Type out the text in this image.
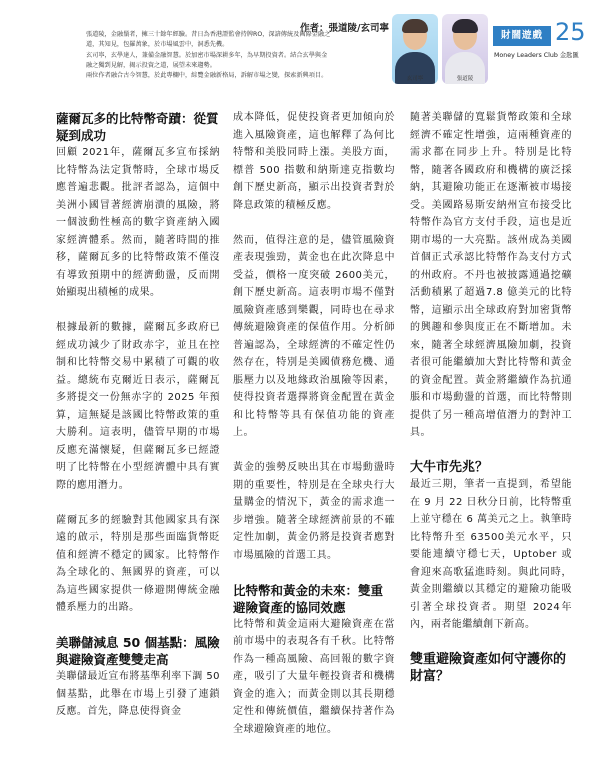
作者：張道陵/玄司寧

張道陵，金融鬚者，擁三十餘年經驗。昔日為香港證監會持牌RO，深諳傳統及國際金融之

道，其知見，包羅萬象，於市場風雲中，洞悉先機。

玄司寧，玄學達人，兼備金融智慧。於加密市場深耕多年，為早期投資者。結合玄學與金

融之獨到見解，揭示投資之道，展望未來趨勢。

兩位作者融合古今智慧，於此專欄中，綜覽金融新格局，訴解市場之變，探索新興項目。	玄司寧	張道陵
財闊遊戲 25
Money Leaders Club 金匙匯
薩爾瓦多的比特幣奇蹟：從質疑到成功

回顧 2021年，薩爾瓦多宣布採納比特幣為法定貨幣時，全球市場反應普遍悲觀。批評者認為，這個中美洲小國冒著經濟崩潰的風險，將一個波動性極高的數字資產納入國家經濟體系。然而，隨著時間的推移，薩爾瓦多的比特幣政策不僅沒有導致預期中的經濟動盪，反而開始顯現出積極的成果。

根據最新的數據，薩爾瓦多政府已經成功減少了財政赤字，並且在控制和比特幣交易中累積了可觀的收益。總統布克爾近日表示，薩爾瓦多將提交一份無赤字的 2025 年預算，這無疑是該國比特幣政策的重大勝利。這表明，儘管早期的市場反應充滿懷疑，但薩爾瓦多已經證明了比特幣在小型經濟體中具有實際的應用潛力。

薩爾瓦多的經驗對其他國家具有深遠的啟示，特別是那些面臨貨幣貶值和經濟不穩定的國家。比特幣作為全球化的、無國界的資產，可以為這些國家提供一條避開傳統金融體系壓力的出路。

美聯儲減息 50 個基點：風險與避險資產雙雙走高

美聯儲最近宣布將基準利率下調 50個基點，此舉在市場上引發了連鎖反應。首先，降息使得資金

成本降低，促使投資者更加傾向於進入風險資產，這也解釋了為何比特幣和美股同時上漲。美股方面，標普 500 指數和納斯達克指數均創下歷史新高，顯示出投資者對於降息政策的積極反應。

然而，值得注意的是，儘管風險資產表現強勁，黃金也在此次降息中受益，價格一度突破 2600美元，創下歷史新高。這表明市場不僅對風險資產感到樂觀，同時也在尋求傳統避險資產的保值作用。分析師普遍認為，全球經濟的不確定性仍然存在，特別是美國債務危機、通脹壓力以及地緣政治風險等因素，使得投資者選擇將資金配置在黃金和比特幣等具有保值功能的資產上。

黃金的強勢反映出其在市場動盪時期的重要性，特別是在全球央行大量購金的情況下，黃金的需求進一步增強。隨著全球經濟前景的不確定性加劇，黃金仍將是投資者應對市場風險的首選工具。

比特幣和黃金的未來：雙重避險資產的協同效應

比特幣和黃金這兩大避險資產在當前市場中的表現各有千秋。比特幣作為一種高風險、高回報的數字資產，吸引了大量年輕投資者和機構資金的進入；而黃金則以其長期穩定性和傳統價值，繼續保持著作為全球避險資產的地位。

隨著美聯儲的寬鬆貨幣政策和全球經濟不確定性增強，這兩種資產的需求都在同步上升。特別是比特幣，隨著各國政府和機構的廣泛採納，其避險功能正在逐漸被市場接受。美國路易斯安納州宣布接受比特幣作為官方支付手段，這也是近期市場的一大亮點。該州成為美國首個正式承認比特幣作為支付方式的州政府。不丹也被披露通過挖礦活動積累了超過7.8 億美元的比特幣，這顯示出全球政府對加密貨幣的興趣和參與度正在不斷增加。未來，隨著全球經濟風險加劇，投資者很可能繼續加大對比特幣和黃金的資金配置。黃金將繼續作為抗通脹和市場動盪的首選，而比特幣則提供了另一種高增值潛力的對沖工具。

大牛市先兆？

最近三期，筆者一直提到，希望能在 9 月 22 日秋分日前，比特幣重上並守穩在 6 萬美元之上。執筆時比特幣升至 63500美元水平，只要能連續守穩七天，Uptober 或會迎來高歌猛進時刻。與此同時，黃金則繼續以其穩定的避險功能吸引著全球投資者。期望 2024年內，兩者能繼續創下新高。

雙重避險資產如何守護你的財富？
